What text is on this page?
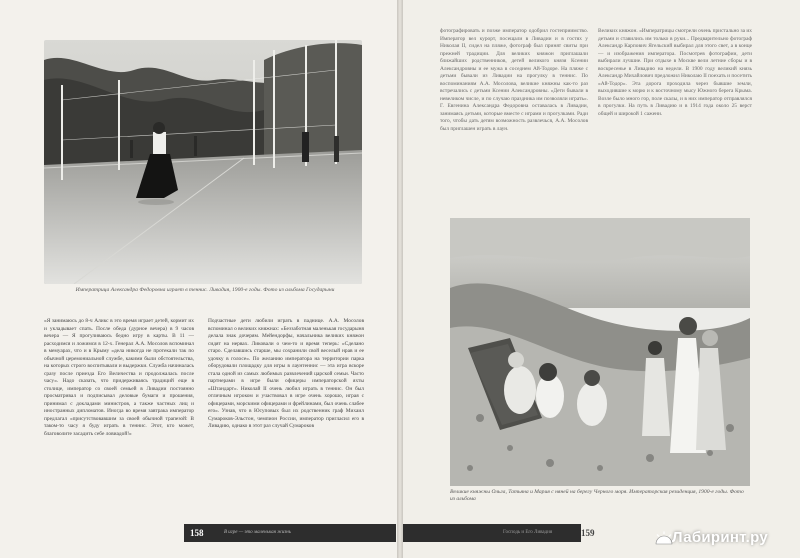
Императрица Александра Федоровна играет в теннис. Ливадия, 1900-е годы. Фото из альбома Государыни

«Я занимаюсь до 8-ч Аликс в это время играет детей, кормит их и укладывает спать. После обеда (дурное вечера) в 9 часов вечера — Я прогуливаюсь бедно игру в карты. В 11 — расходимся и ложимся в 12-х. Генерал А.А. Мосолов вспоминал в мемуарах, что и в Крыму «дела никогда не протекали так по обычной церемониальной службе, какими были обстоятельства, на которых строго воспитывали и выдержки. Служба начиналась сразу после приезда Его Величества и продолжалась после часу». Надо сказать, что придерживаясь традиций еще в столице, император со своей семьей в Ливадии постоянно просматривал и подписывал деловые бумаги и прошения, принимал с докладами министров, а также частных лиц и иностранных дипломатов. Иногда во время завтрака император предлагал «присутствовавшим за своей обычной трапезой: В таком-то часу я буду играть в теннис. Этот, кто может, благоволите засадить себе ловиадой!»

Подчастные дети любили играть в паднице. А.А. Мосолов вспоминал о великих княжнах: «Беззаботная маленькая государыня делала знак дочерям. Мейендорфы, начальника великих княжон сидят на нервах. Ликовали о чем-то и время теперь: «Сделано старо. Сделавшись старше, мы сохранили свой веселый нрав и ее удочку в голосе». По желанию императора на территории парка оборудовали площадку для игры в лаунтеннис — эта игра вскоре стала одной из самых любимых развлечений царской семьи. Часто партнерами в игре были офицеры императорской яхты «Штандарт». Николай II очень любил играть в теннис. Он был отличным игроком и участвовал в игре очень хорошо, играя с офицерами, морскими офицерами и фрейлинами, был очень слабее его». Узнав, что в Юсуповых был их родственник граф Михаил Сумароков-Эльстон, чемпион России, император пригласил его в Ливадию, однако в этот раз случай Сумароков

фотографировать и позже император одобрил гостеприимство. Император вел курорт, посещали в Ливадии и в гостях у Николая II, сидел на пляже, фотограф был принят свиты при прежней традиции. Для великих княжон приглашали ближайших родственников, детей великого князя Ксении Александровны и ее мужа в соседнем Ай-Тодоре. На пляже с детьми бывали из Ливадии на прогулку в теннис. По воспоминаниям А.А. Мосолова, великие княжны как-то раз встречались с детьми Ксении Александровны. «Дети бывали в невеликом числе, и по случаю праздника им позволяли играть». Г. Евгенина Александра Федоровна оставалась в Ливадии, занимаясь детьми, которые вместе с играми и прогулками. Ради того, чтобы дать детям возможность развлечься, А.А. Мосолов был приглашен играть в лаун.

Великих княжон. «Императрицы смотрели очень пристально за их детьми и ставились им только в руки... Предварительно фотограф Александр Карпович Ягельский выбирал для этого свет, а в конце — и изображения императора. Посмотрев фотографии, дети выбирали лучшие. При отдыхе в Москве вели летние сборы и в воскресенье в Ливадию на недели. В 1900 году великий князь Александр Михайлович предложил Николаю II поехать и посетить «Ай-Тодор». Эта дорога проходила через бывшие земли, выходившие к морю и к восточному мысу Южного берега Крыма. Возле было много гор, поле скалы, и в них император отправлялся в прогулки. На путь в Ливадию и в 1914 года около 25 верст общей и широкой 1 сажени.

Великие княжны Ольга, Татьяна и Мария с няней на берегу Черного моря. Императорская резиденция, 1900-е годы. Фото из альбома
158	В игре — это маленькая жизнь	159
Господь и Его Ливадия	Лабиринт.ру
